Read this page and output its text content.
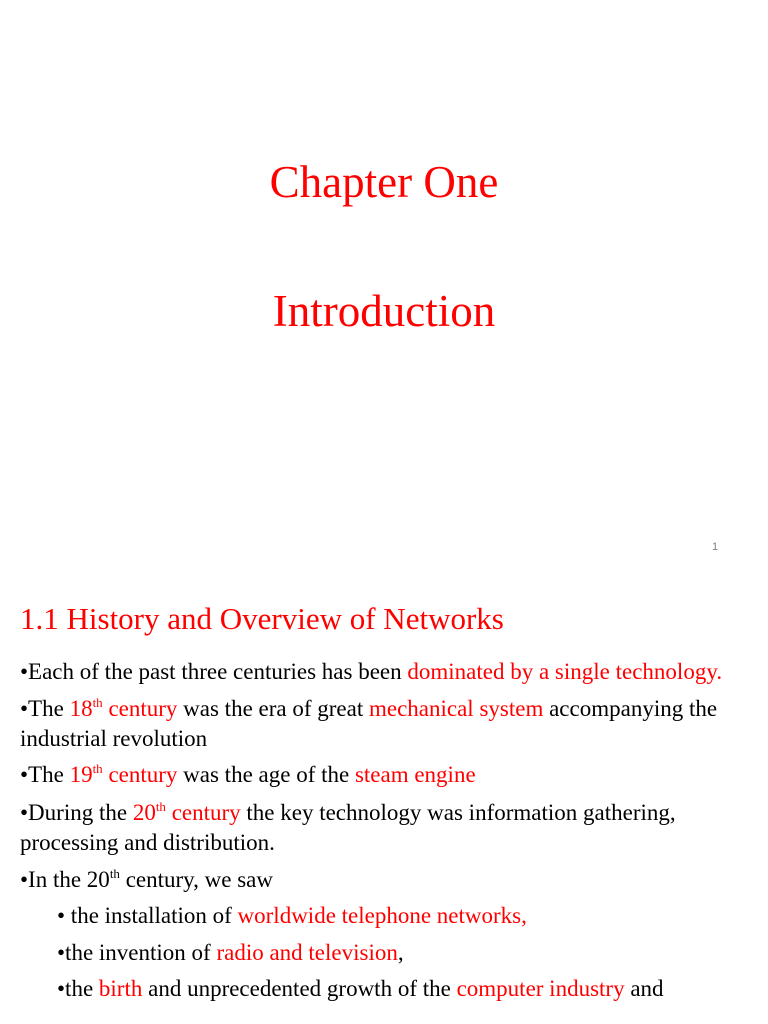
Chapter One
Introduction
1
1.1 History and Overview of Networks

•Each of the past three centuries has been dominated by a single technology.

•The 18th century was the era of great mechanical system accompanying the industrial revolution

•The 19th century was the age of the steam engine

•During the 20th century the key technology was information gathering, processing and distribution.

•In the 20th century, we saw

• the installation of worldwide telephone networks,

•the invention of radio and television,

•the birth and unprecedented growth of the computer industry and
